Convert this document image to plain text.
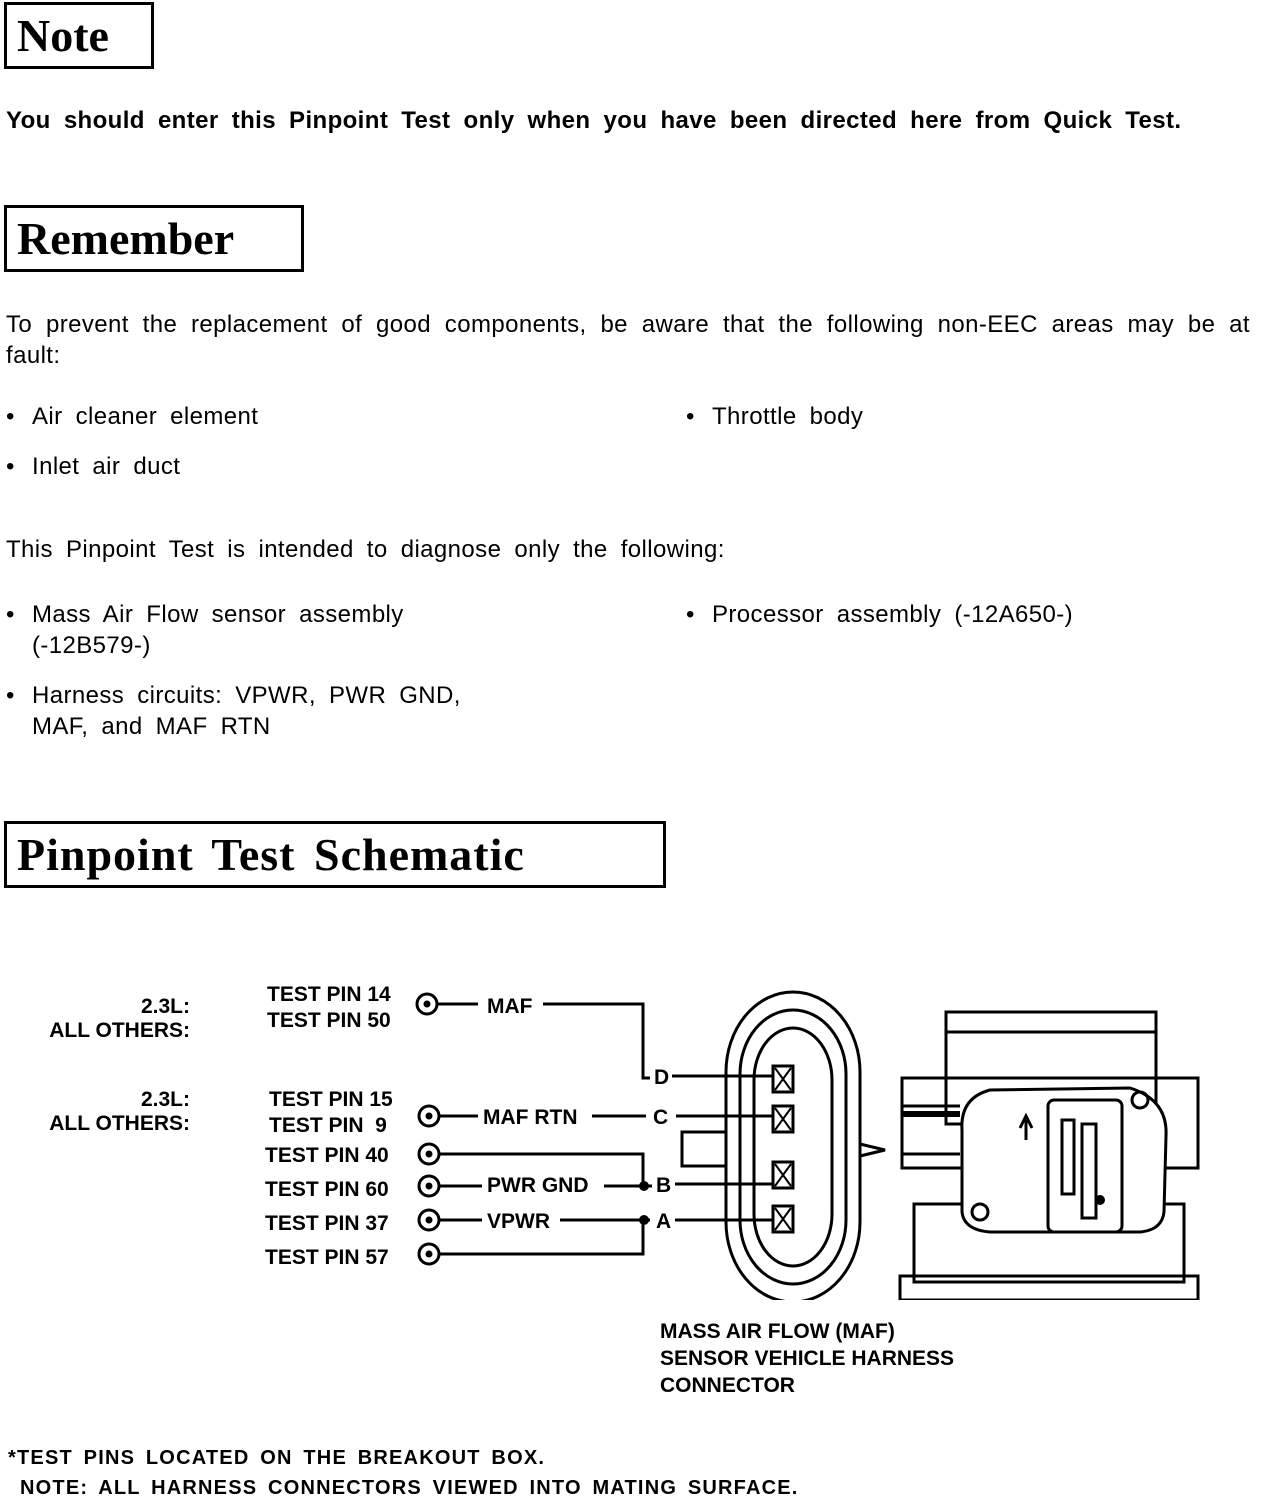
Note
You should enter this Pinpoint Test only when you have been directed here from Quick Test.
Remember
To prevent the replacement of good components, be aware that the following non-EEC areas may be at fault:
• Air cleaner element	• Throttle body
• Inlet air duct
This Pinpoint Test is intended to diagnose only the following:
• Mass Air Flow sensor assembly
(-12B579-)
• Processor assembly (-12A650-)
• Harness circuits: VPWR, PWR GND,
MAF, and MAF RTN
Pinpoint Test Schematic
2.3L:
ALL OTHERS:
2.3L:
ALL OTHERS:
TEST PIN 14
TEST PIN 50
TEST PIN 15
TEST PIN  9
TEST PIN 40
TEST PIN 60
TEST PIN 37
TEST PIN 57
MAF
MAF RTN
PWR GND
VPWR
D
C
B
A
MASS AIR FLOW (MAF)
SENSOR VEHICLE HARNESS
CONNECTOR
*TEST PINS LOCATED ON THE BREAKOUT BOX.
NOTE: ALL HARNESS CONNECTORS VIEWED INTO MATING SURFACE.
